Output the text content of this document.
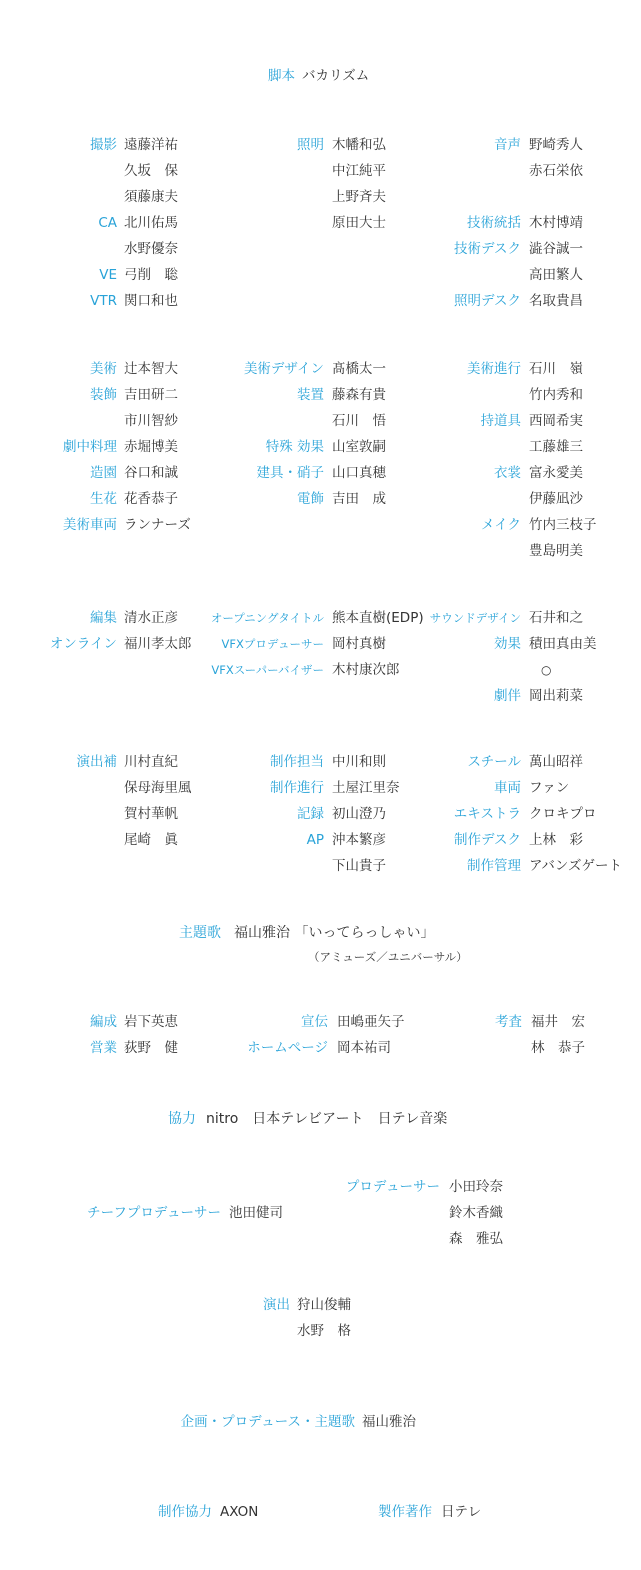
脚本 バカリズム
撮影 遠藤洋祐
久坂　保
須藤康夫
CA 北川佑馬
水野優奈
VE 弓削　聡
VTR 関口和也
照明 木幡和弘
中江純平
上野斉夫
原田大士
音声 野崎秀人
赤石栄依
技術統括 木村博靖
技術デスク 澁谷誠一
高田繁人
照明デスク 名取貴昌
美術 辻本智大
装飾 吉田研二
市川智紗
劇中料理 赤堀博美
造園 谷口和誠
生花 花香恭子
美術車両 ランナーズ
美術デザイン 髙橋太一
装置 藤森有貴
石川　悟
特殊 効果 山室敦嗣
建具・硝子 山口真穂
電飾 吉田　成
美術進行 石川　嶺
竹内秀和
持道具 西岡希実
工藤雄三
衣裳 富永愛美
伊藤凪沙
メイク 竹内三枝子
豊島明美
編集 清水正彦
オンライン 福川孝太郎
オープニングタイトル 熊本直樹(EDP)
VFXプロデューサー 岡村真樹
VFXスーパーバイザー 木村康次郎
サウンドデザイン 石井和之
効果 積田真由美
○
劇伴 岡出莉菜
演出補 川村直紀
保母海里風
賀村華帆
尾崎　眞
制作担当 中川和則
制作進行 土屋江里奈
記録 初山澄乃
AP 沖本繁彦
下山貴子
スチール 萬山昭祥
車両 ファン
エキストラ クロキプロ
制作デスク 上林　彩
制作管理 アバンズゲート
主題歌 福山雅治 「いってらっしゃい」
（アミューズ／ユニバーサル）
編成 岩下英恵
営業 荻野　健
宣伝 田嶋亜矢子
ホームページ 岡本祐司
考査 福井　宏
林　恭子
協力 nitro　日本テレビアート　日テレ音楽
チーフプロデューサー 池田健司
プロデューサー 小田玲奈
鈴木香織
森　雅弘
演出 狩山俊輔
水野　格
企画・プロデュース・主題歌 福山雅治
制作協力 AXON	製作著作 日テレ
